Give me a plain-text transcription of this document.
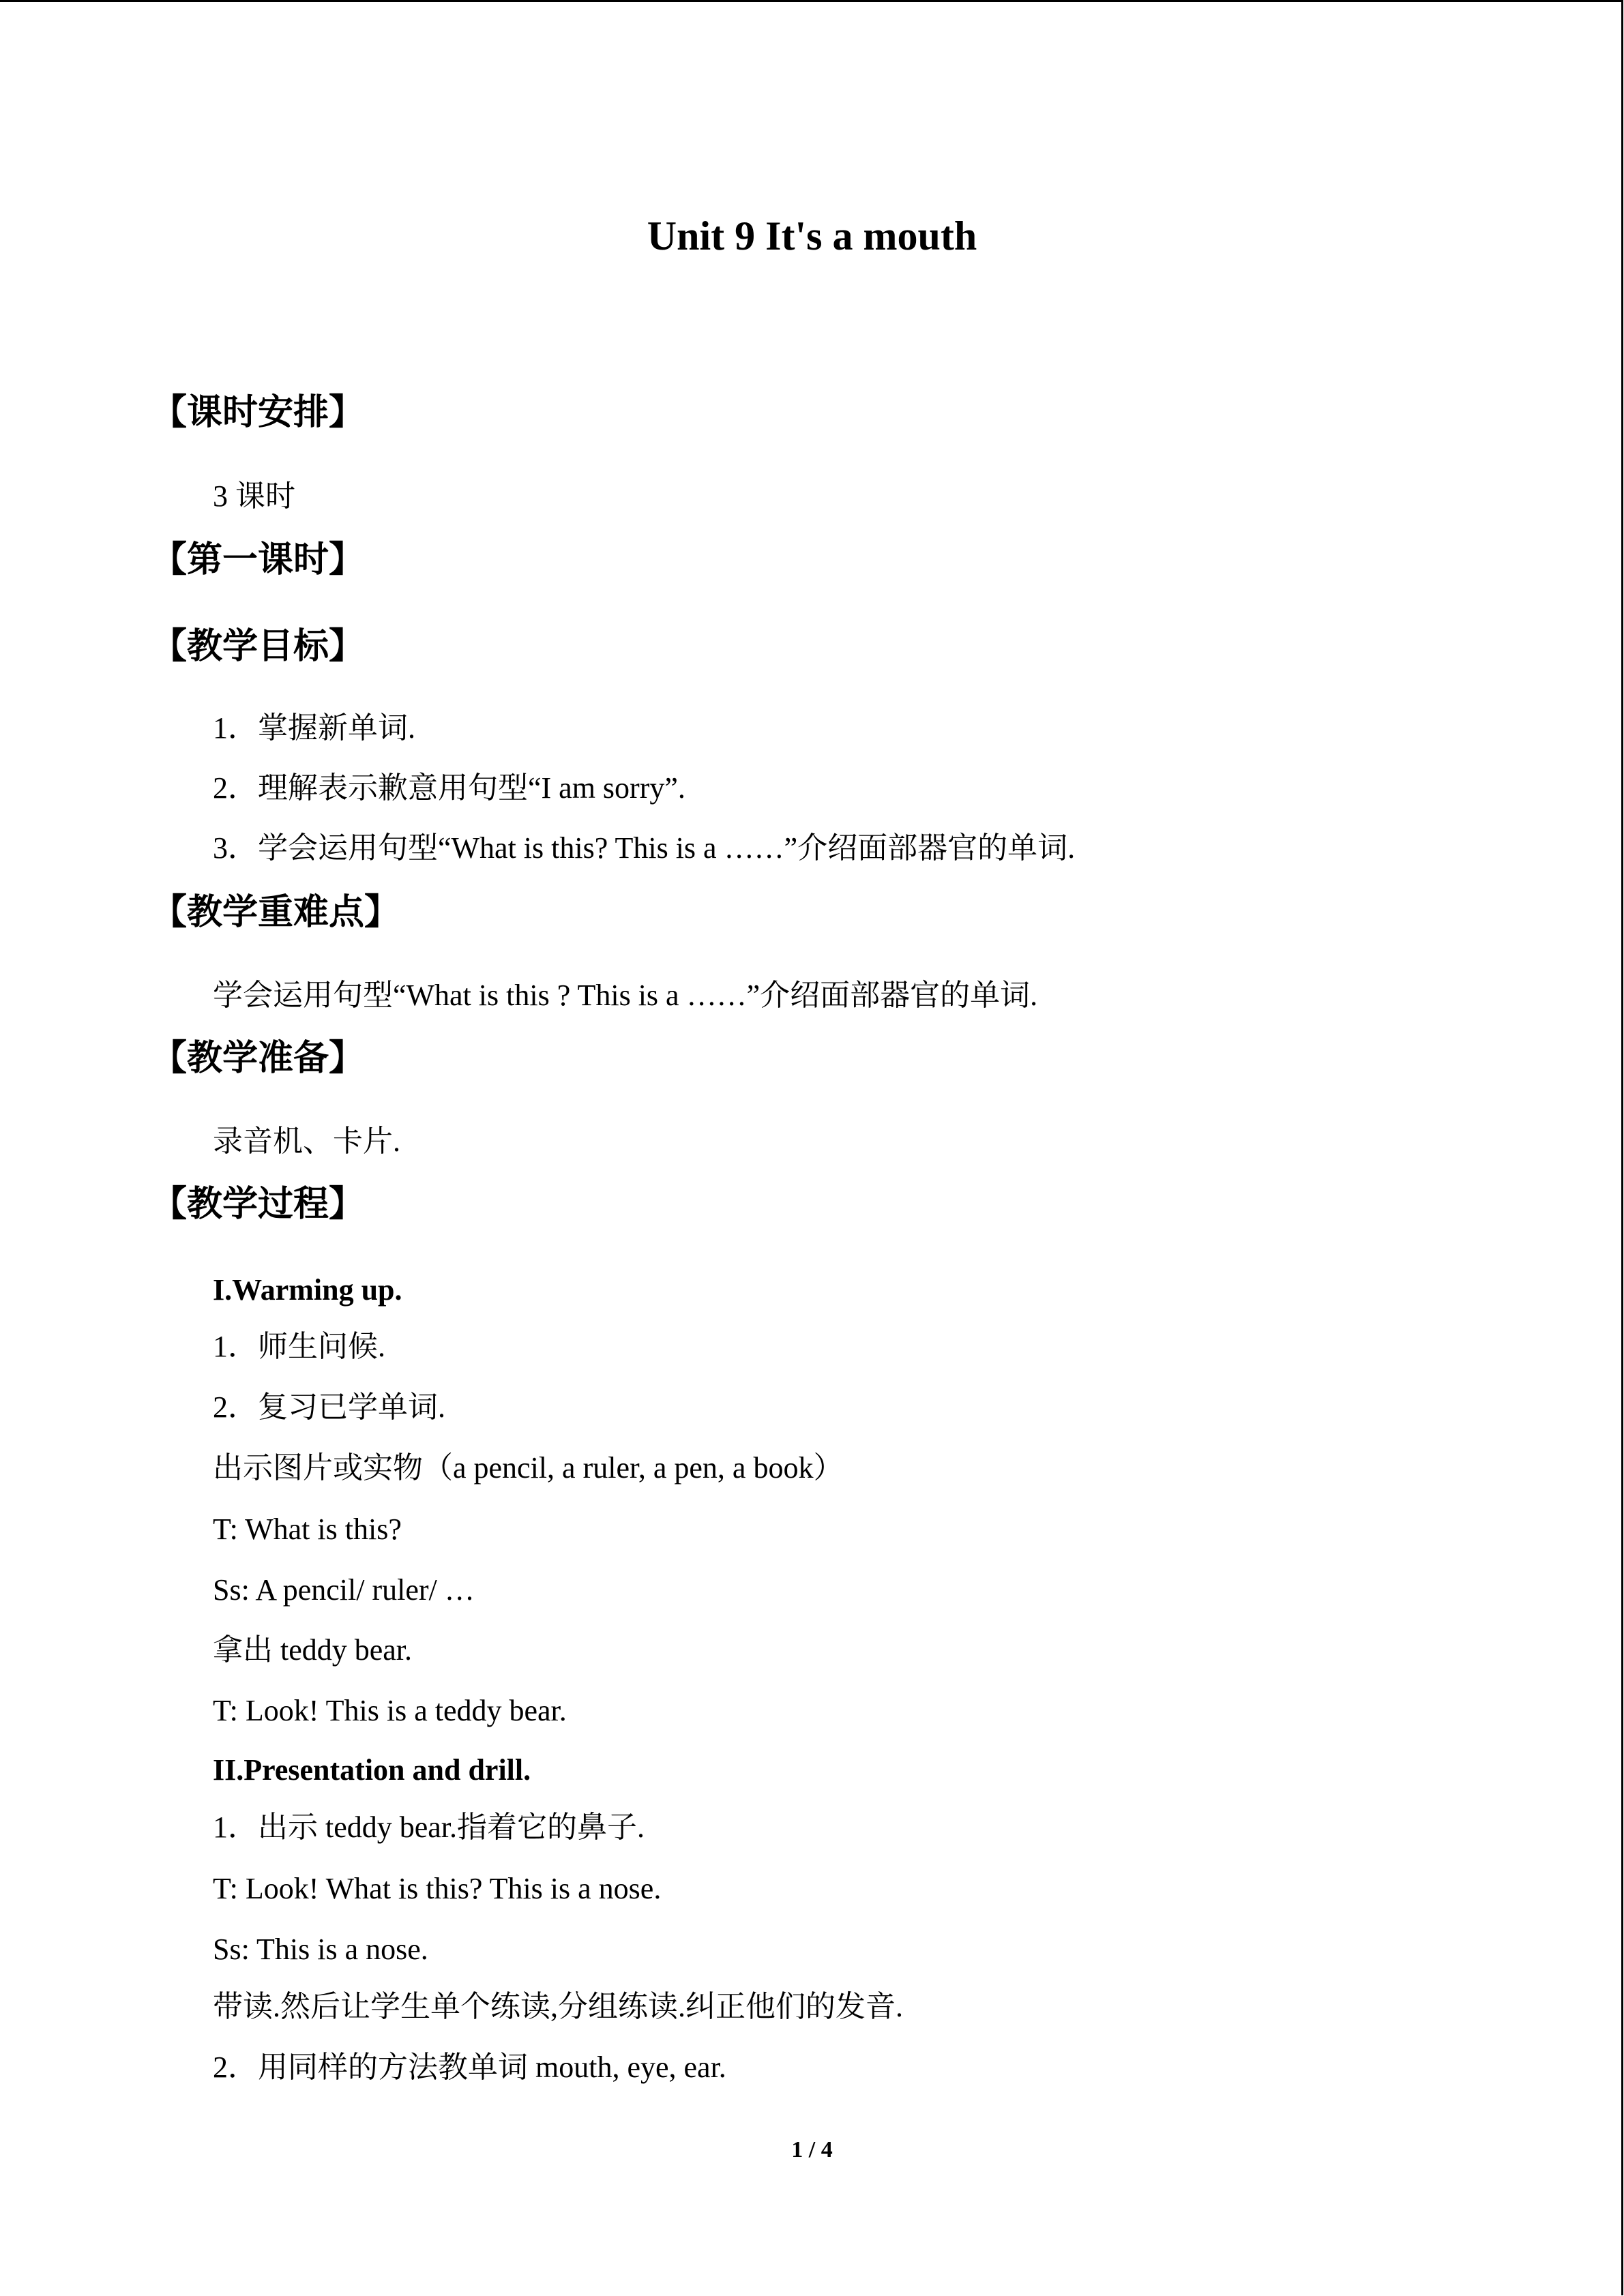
Unit 9 It's a mouth
【课时安排】
3 课时
【第一课时】
【教学目标】
1．掌握新单词.
2．理解表示歉意用句型“I am sorry”.
3．学会运用句型“What is this? This is a ……”介绍面部器官的单词.
【教学重难点】
学会运用句型“What is this ? This is a ……”介绍面部器官的单词.
【教学准备】
录音机、卡片.
【教学过程】
I.Warming up.
1．师生问候.
2．复习已学单词.
出示图片或实物（a pencil, a ruler, a pen, a book）
T: What is this?
Ss: A pencil/ ruler/ …
拿出 teddy bear.
T: Look! This is a teddy bear.
II.Presentation and drill.
1．出示 teddy bear.指着它的鼻子.
T: Look! What is this? This is a nose.
Ss: This is a nose.
带读.然后让学生单个练读,分组练读.纠正他们的发音.
2．用同样的方法教单词 mouth, eye, ear.
1 / 4
